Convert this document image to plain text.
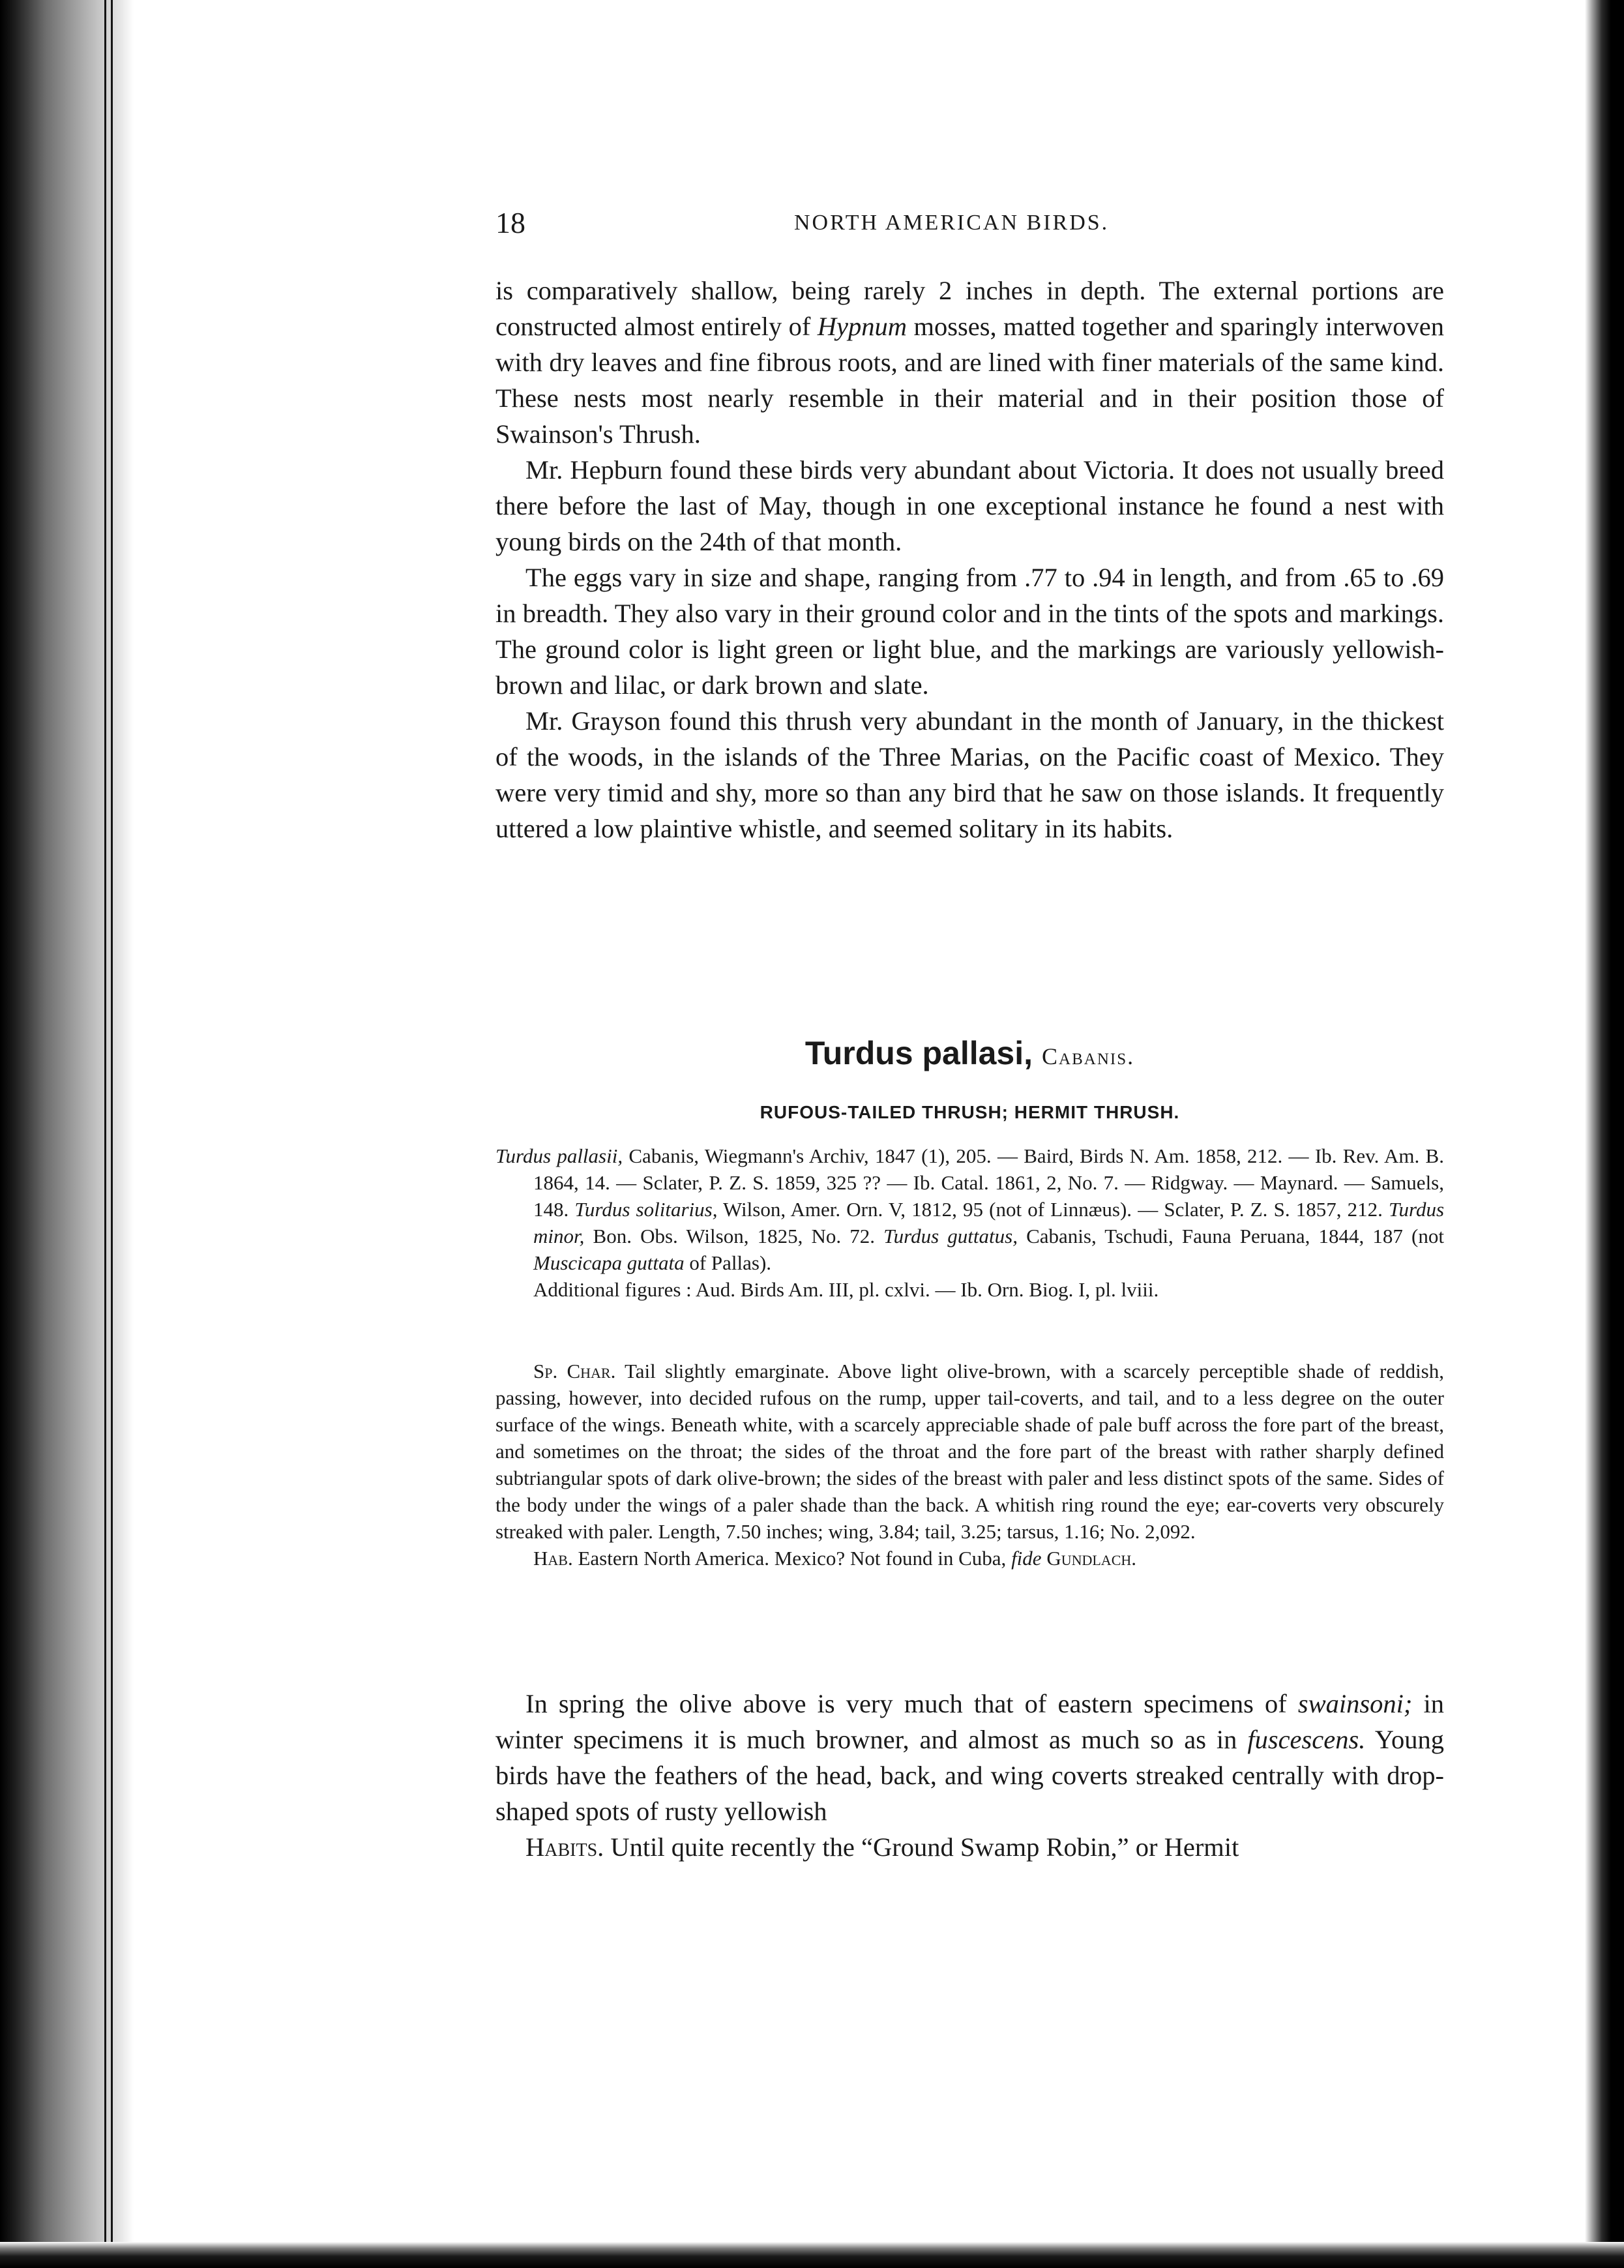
18	NORTH AMERICAN BIRDS.

is comparatively shallow, being rarely 2 inches in depth. The external portions are constructed almost entirely of Hypnum mosses, matted together and sparingly interwoven with dry leaves and fine fibrous roots, and are lined with finer materials of the same kind. These nests most nearly resemble in their material and in their position those of Swainson's Thrush.

Mr. Hepburn found these birds very abundant about Victoria. It does not usually breed there before the last of May, though in one exceptional instance he found a nest with young birds on the 24th of that month.

The eggs vary in size and shape, ranging from .77 to .94 in length, and from .65 to .69 in breadth. They also vary in their ground color and in the tints of the spots and markings. The ground color is light green or light blue, and the markings are variously yellowish-brown and lilac, or dark brown and slate.

Mr. Grayson found this thrush very abundant in the month of January, in the thickest of the woods, in the islands of the Three Marias, on the Pacific coast of Mexico. They were very timid and shy, more so than any bird that he saw on those islands. It frequently uttered a low plaintive whistle, and seemed solitary in its habits.

Turdus pallasi, Cabanis.
RUFOUS-TAILED THRUSH; HERMIT THRUSH.

Turdus pallasii, Cabanis, Wiegmann's Archiv, 1847 (1), 205. — Baird, Birds N. Am. 1858, 212. — Ib. Rev. Am. B. 1864, 14. — Sclater, P. Z. S. 1859, 325 ?? — Ib. Catal. 1861, 2, No. 7. — Ridgway. — Maynard. — Samuels, 148. Turdus solitarius, Wilson, Amer. Orn. V, 1812, 95 (not of Linnæus). — Sclater, P. Z. S. 1857, 212. Turdus minor, Bon. Obs. Wilson, 1825, No. 72. Turdus guttatus, Cabanis, Tschudi, Fauna Peruana, 1844, 187 (not Muscicapa guttata of Pallas).

Additional figures : Aud. Birds Am. III, pl. cxlvi. — Ib. Orn. Biog. I, pl. lviii.

Sp. Char. Tail slightly emarginate. Above light olive-brown, with a scarcely perceptible shade of reddish, passing, however, into decided rufous on the rump, upper tail-coverts, and tail, and to a less degree on the outer surface of the wings. Beneath white, with a scarcely appreciable shade of pale buff across the fore part of the breast, and sometimes on the throat; the sides of the throat and the fore part of the breast with rather sharply defined subtriangular spots of dark olive-brown; the sides of the breast with paler and less distinct spots of the same. Sides of the body under the wings of a paler shade than the back. A whitish ring round the eye; ear-coverts very obscurely streaked with paler. Length, 7.50 inches; wing, 3.84; tail, 3.25; tarsus, 1.16; No. 2,092.

Hab. Eastern North America. Mexico? Not found in Cuba, fide Gundlach.

In spring the olive above is very much that of eastern specimens of swainsoni; in winter specimens it is much browner, and almost as much so as in fuscescens. Young birds have the feathers of the head, back, and wing coverts streaked centrally with drop-shaped spots of rusty yellowish

Habits. Until quite recently the “Ground Swamp Robin,” or Hermit
